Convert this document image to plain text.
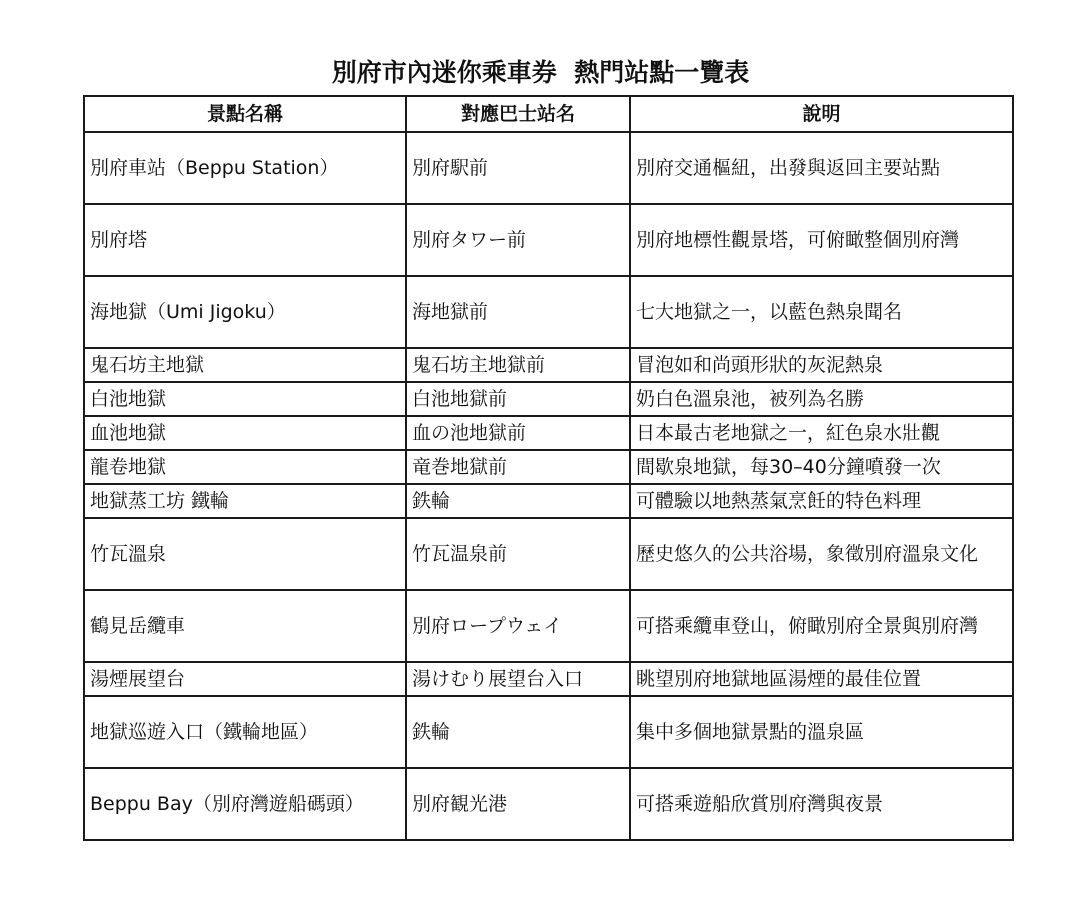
別府市內迷你乘車券  熱門站點一覽表
景點名稱	對應巴士站名	說明
別府車站（Beppu Station）	別府駅前	別府交通樞紐，出發與返回主要站點
別府塔	別府タワー前	別府地標性觀景塔，可俯瞰整個別府灣
海地獄（Umi Jigoku）	海地獄前	七大地獄之一，以藍色熱泉聞名
鬼石坊主地獄	鬼石坊主地獄前	冒泡如和尚頭形狀的灰泥熱泉
白池地獄	白池地獄前	奶白色溫泉池，被列為名勝
血池地獄	血の池地獄前	日本最古老地獄之一，紅色泉水壯觀
龍卷地獄	竜巻地獄前	間歇泉地獄，每30–40分鐘噴發一次
地獄蒸工坊 鐵輪	鉄輪	可體驗以地熱蒸氣烹飪的特色料理
竹瓦溫泉	竹瓦温泉前	歷史悠久的公共浴場，象徵別府溫泉文化
鶴見岳纜車	別府ロープウェイ	可搭乘纜車登山，俯瞰別府全景與別府灣
湯煙展望台	湯けむり展望台入口	眺望別府地獄地區湯煙的最佳位置
地獄巡遊入口（鐵輪地區）	鉄輪	集中多個地獄景點的溫泉區
Beppu Bay（別府灣遊船碼頭）	別府観光港	可搭乘遊船欣賞別府灣與夜景
